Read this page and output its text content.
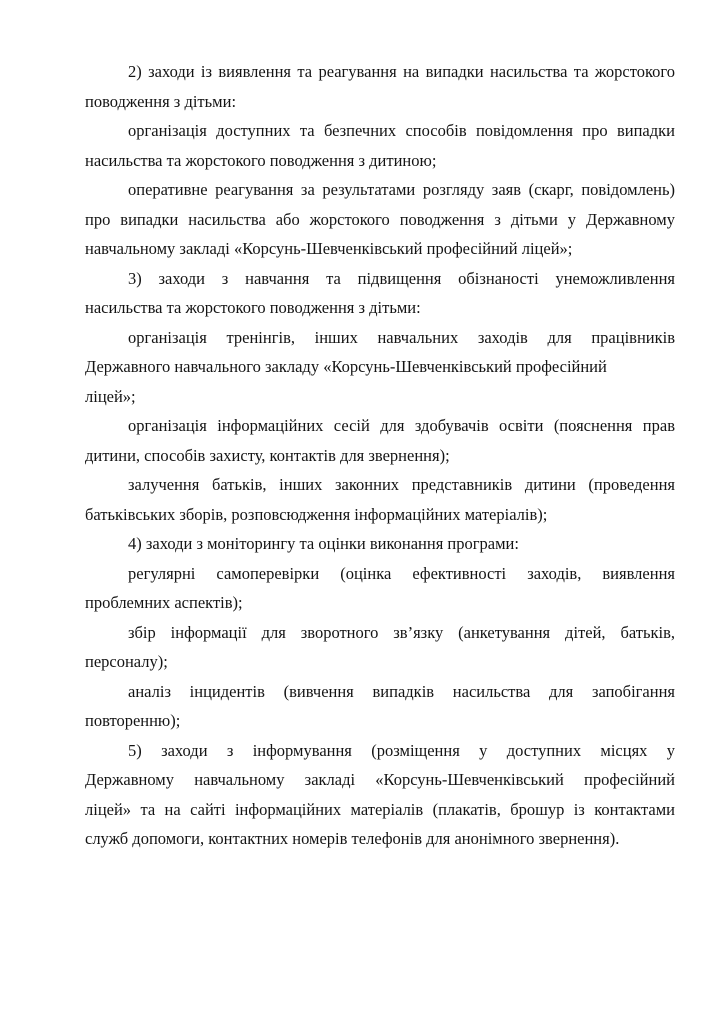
2) заходи із виявлення та реагування на випадки насильства та жорстокого
поводження з дітьми:
організація доступних та безпечних способів повідомлення про випадки
насильства та жорстокого поводження з дитиною;
оперативне реагування за результатами розгляду заяв (скарг, повідомлень)
про випадки насильства або жорстокого поводження з дітьми у Державному
навчальному закладі «Корсунь-Шевченківський професійний ліцей»;
3) заходи з навчання та підвищення обізнаності унеможливлення
насильства та жорстокого поводження з дітьми:
організація тренінгів, інших навчальних заходів для працівників
Державного навчального закладу «Корсунь-Шевченківський професійний
ліцей»;
організація інформаційних сесій для здобувачів освіти (пояснення прав
дитини, способів захисту, контактів для звернення);
залучення батьків, інших законних представників дитини (проведення
батьківських зборів, розповсюдження інформаційних матеріалів);
4) заходи з моніторингу та оцінки виконання програми:
регулярні самоперевірки (оцінка ефективності заходів, виявлення
проблемних аспектів);
збір інформації для зворотного зв’язку (анкетування дітей, батьків,
персоналу);
аналіз інцидентів (вивчення випадків насильства для запобігання
повторенню);
5) заходи з інформування (розміщення у доступних місцях у
Державному навчальному закладі «Корсунь-Шевченківський професійний
ліцей» та на сайті інформаційних матеріалів (плакатів, брошур із контактами
служб допомоги, контактних номерів телефонів для анонімного звернення).
